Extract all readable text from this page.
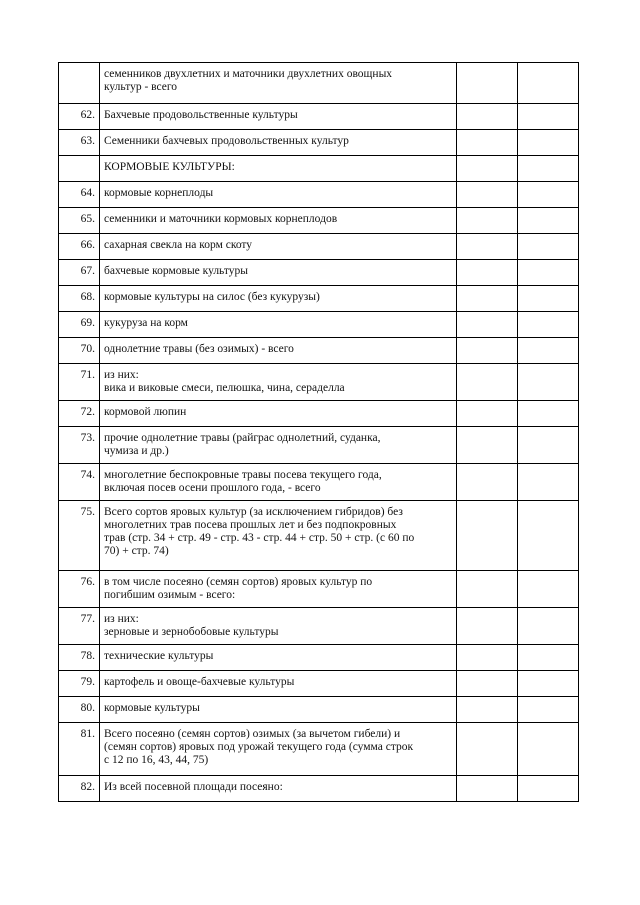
	семенников двухлетних и маточники двухлетних овощных
культур - всего		
62.	Бахчевые продовольственные культуры		
63.	Семенники бахчевых продовольственных культур		
	КОРМОВЫЕ КУЛЬТУРЫ:		
64.	кормовые корнеплоды		
65.	семенники и маточники кормовых корнеплодов		
66.	сахарная свекла на корм скоту		
67.	бахчевые кормовые культуры		
68.	кормовые культуры на силос (без кукурузы)		
69.	кукуруза на корм		
70.	однолетние травы (без озимых) - всего		
71.	из них:
вика и виковые смеси, пелюшка, чина, сераделла		
72.	кормовой люпин		
73.	прочие однолетние травы (райграс однолетний, суданка,
чумиза и др.)		
74.	многолетние беспокровные травы посева текущего года,
включая посев осени прошлого года, - всего		
75.	Всего сортов яровых культур (за исключением гибридов) без
многолетних трав посева прошлых лет и без подпокровных
трав (стр. 34 + стр. 49 - стр. 43 - стр. 44 + стр. 50 + стр. (с 60 по
70) + стр. 74)		
76.	в том числе посеяно (семян сортов) яровых культур по
погибшим озимым - всего:		
77.	из них:
зерновые и зернобобовые культуры		
78.	технические культуры		
79.	картофель и овоще-бахчевые культуры		
80.	кормовые культуры		
81.	Всего посеяно (семян сортов) озимых (за вычетом гибели) и
(семян сортов) яровых под урожай текущего года (сумма строк
с 12 по 16, 43, 44, 75)		
82.	Из всей посевной площади посеяно:		
